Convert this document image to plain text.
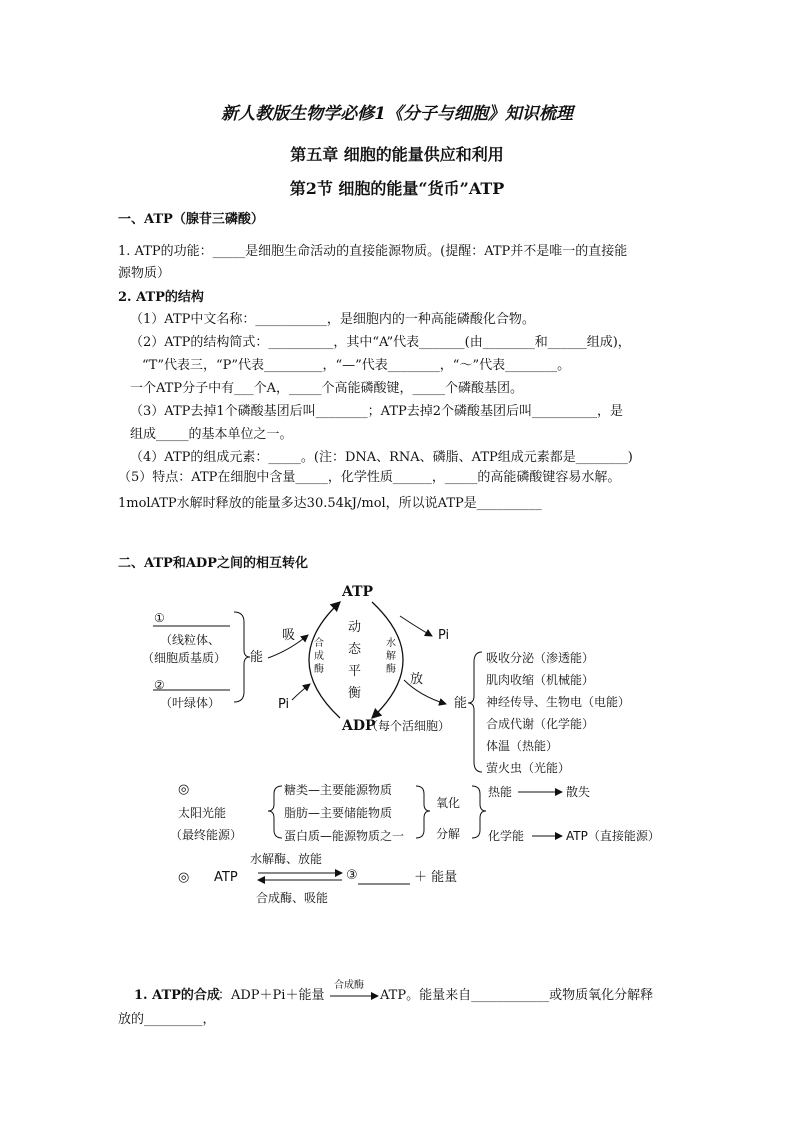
新人教版生物学必修1《分子与细胞》知识梳理
第五章 细胞的能量供应和利用
第2节 细胞的能量“货币”ATP
一、ATP（腺苷三磷酸）
1. ATP的功能：_____是细胞生命活动的直接能源物质。(提醒：ATP并不是唯一的直接能
源物质）
2. ATP的结构
（1）ATP中文名称：___________，是细胞内的一种高能磷酸化合物。
（2）ATP的结构简式：__________，其中“A”代表_______(由________和______组成)，
“T”代表三，“P”代表_________，“—”代表________，“～”代表________。
一个ATP分子中有___个A，_____个高能磷酸键，_____个磷酸基团。
（3）ATP去掉1个磷酸基团后叫________；ATP去掉2个磷酸基团后叫__________，是
组成_____的基本单位之一。
（4）ATP的组成元素：_____。(注：DNA、RNA、磷脂、ATP组成元素都是________)
（5）特点：ATP在细胞中含量_____，化学性质______，_____的高能磷酸键容易水解。
1molATP水解时释放的能量多达30.54kJ/mol，所以说ATP是__________
二、ATP和ADP之间的相互转化
ATP
ADP
①
（线粒体、
（细胞质基质）
②
（叶绿体）
能
吸
Pi
合
成
酶
动
态
平
衡
水
解
酶
Pi
放
能
（每个活细胞）
吸收分泌（渗透能）
肌肉收缩（机械能）
神经传导、生物电（电能）
合成代谢（化学能）
体温（热能）
萤火虫（光能）
◎
太阳光能
（最终能源）
糖类—主要能源物质
脂肪—主要储能物质
蛋白质—能源物质之一
氧化
分解
热能	散失
化学能	ATP（直接能源）
◎ ATP
水解酶、放能
合成酶、吸能
③	＋ 能量
1. ATP的合成
：ADP＋Pi＋能量
合成酶
ATP。能量来自____________或物质氧化分解释
放的_________，
